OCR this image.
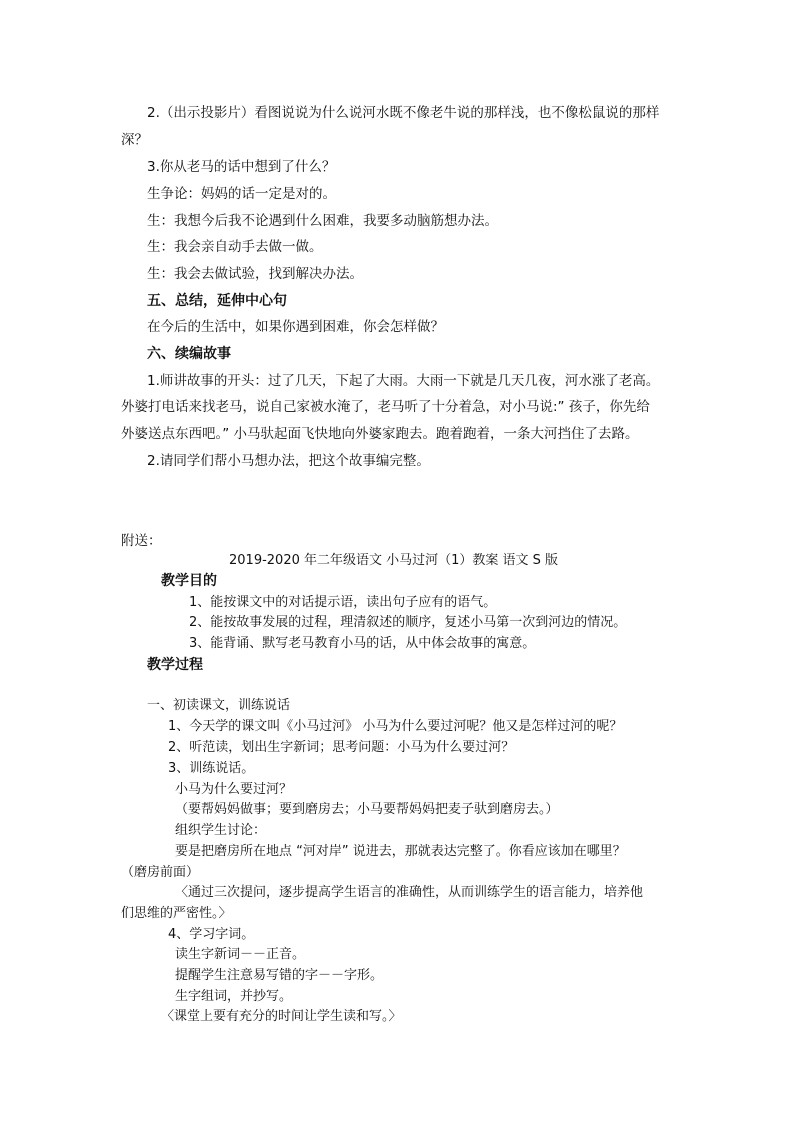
2.（出示投影片）看图说说为什么说河水既不像老牛说的那样浅，也不像松鼠说的那样
深？
3.你从老马的话中想到了什么？
生争论：妈妈的话一定是对的。
生：我想今后我不论遇到什么困难，我要多动脑筋想办法。
生：我会亲自动手去做一做。
生：我会去做试验，找到解决办法。
五、总结，延伸中心句
在今后的生活中，如果你遇到困难，你会怎样做？
六、续编故事
1.师讲故事的开头：过了几天，下起了大雨。大雨一下就是几天几夜，河水涨了老高。
外婆打电话来找老马，说自己家被水淹了，老马听了十分着急，对小马说:” 孩子，你先给
外婆送点东西吧。” 小马驮起面飞快地向外婆家跑去。跑着跑着，一条大河挡住了去路。
2.请同学们帮小马想办法，把这个故事编完整。
附送：
2019-2020 年二年级语文 小马过河（1）教案 语文 S 版
教学目的
1、能按课文中的对话提示语，读出句子应有的语气。
2、能按故事发展的过程，理清叙述的顺序，复述小马第一次到河边的情况。
3、能背诵、默写老马教育小马的话，从中体会故事的寓意。
教学过程
一、初读课文，训练说话
1、今天学的课文叫《小马过河》 小马为什么要过河呢？他又是怎样过河的呢？
2、听范读，划出生字新词；思考问题：小马为什么要过河？
3、训练说话。
小马为什么要过河？
（要帮妈妈做事；要到磨房去；小马要帮妈妈把麦子驮到磨房去。）
组织学生讨论：
要是把磨房所在地点 “河对岸” 说进去，那就表达完整了。你看应该加在哪里？
（磨房前面）
〈通过三次提问，逐步提高学生语言的准确性，从而训练学生的语言能力，培养他
们思维的严密性。〉
4、学习字词。
读生字新词－－正音。
提醒学生注意易写错的字－－字形。
生字组词，并抄写。
〈课堂上要有充分的时间让学生读和写。〉
